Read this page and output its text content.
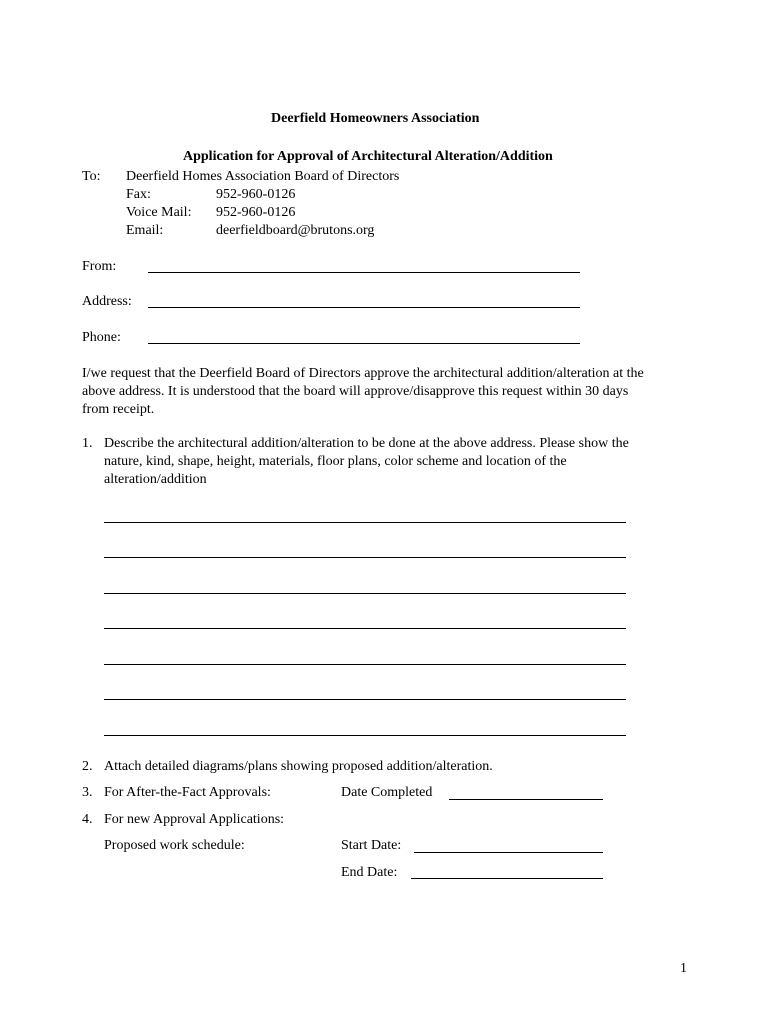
Deerfield Homeowners Association
Application for Approval of Architectural Alteration/Addition
To: Deerfield Homes Association Board of Directors
Fax:	952-960-0126
Voice Mail: 952-960-0126
Email:	deerfieldboard@brutons.org
From:
Address:
Phone:
I/we request that the Deerfield Board of Directors approve the architectural addition/alteration at the
above address. It is understood that the board will approve/disapprove this request within 30 days
from receipt.
1. Describe the architectural addition/alteration to be done at the above address. Please show the
nature, kind, shape, height, materials, floor plans, color scheme and location of the
alteration/addition
2. Attach detailed diagrams/plans showing proposed addition/alteration.
3. For After-the-Fact Approvals:	Date Completed
4. For new Approval Applications:
Proposed work schedule:	Start Date:
End Date:
1
